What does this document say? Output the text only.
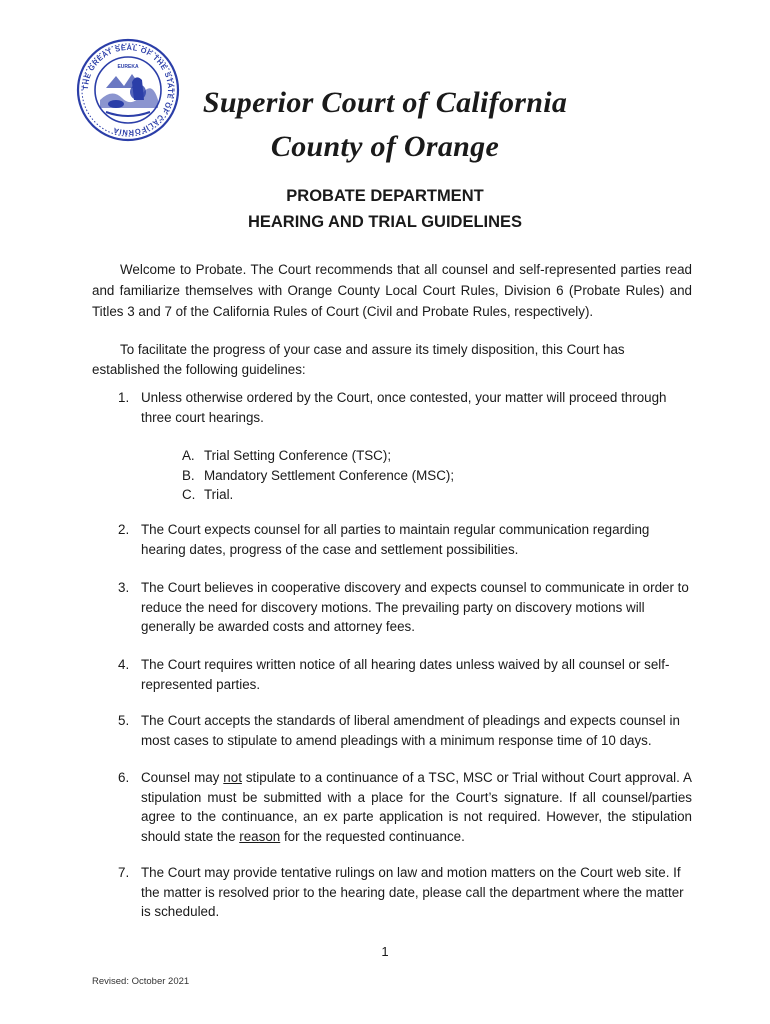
THE GREAT SEAL OF THE STATE OF CALIFORNIA
EUREKA
Superior Court of California
County of Orange
PROBATE DEPARTMENT
HEARING AND TRIAL GUIDELINES

Welcome to Probate. The Court recommends that all counsel and self-represented parties read and familiarize themselves with Orange County Local Court Rules, Division 6 (Probate Rules) and Titles 3 and 7 of the California Rules of Court (Civil and Probate Rules, respectively).

To facilitate the progress of your case and assure its timely disposition, this Court has established the following guidelines:

1. Unless otherwise ordered by the Court, once contested, your matter will proceed through three court hearings.
A. Trial Setting Conference (TSC);
B. Mandatory Settlement Conference (MSC);
C. Trial.
2. The Court expects counsel for all parties to maintain regular communication regarding hearing dates, progress of the case and settlement possibilities.
3. The Court believes in cooperative discovery and expects counsel to communicate in order to reduce the need for discovery motions. The prevailing party on discovery motions will generally be awarded costs and attorney fees.
4. The Court requires written notice of all hearing dates unless waived by all counsel or self-represented parties.
5. The Court accepts the standards of liberal amendment of pleadings and expects counsel in most cases to stipulate to amend pleadings with a minimum response time of 10 days.
6. Counsel may not stipulate to a continuance of a TSC, MSC or Trial without Court approval. A stipulation must be submitted with a place for the Court’s signature. If all counsel/parties agree to the continuance, an ex parte application is not required. However, the stipulation should state the reason for the requested continuance.
7. The Court may provide tentative rulings on law and motion matters on the Court web site. If the matter is resolved prior to the hearing date, please call the department where the matter is scheduled.
1
Revised: October 2021
